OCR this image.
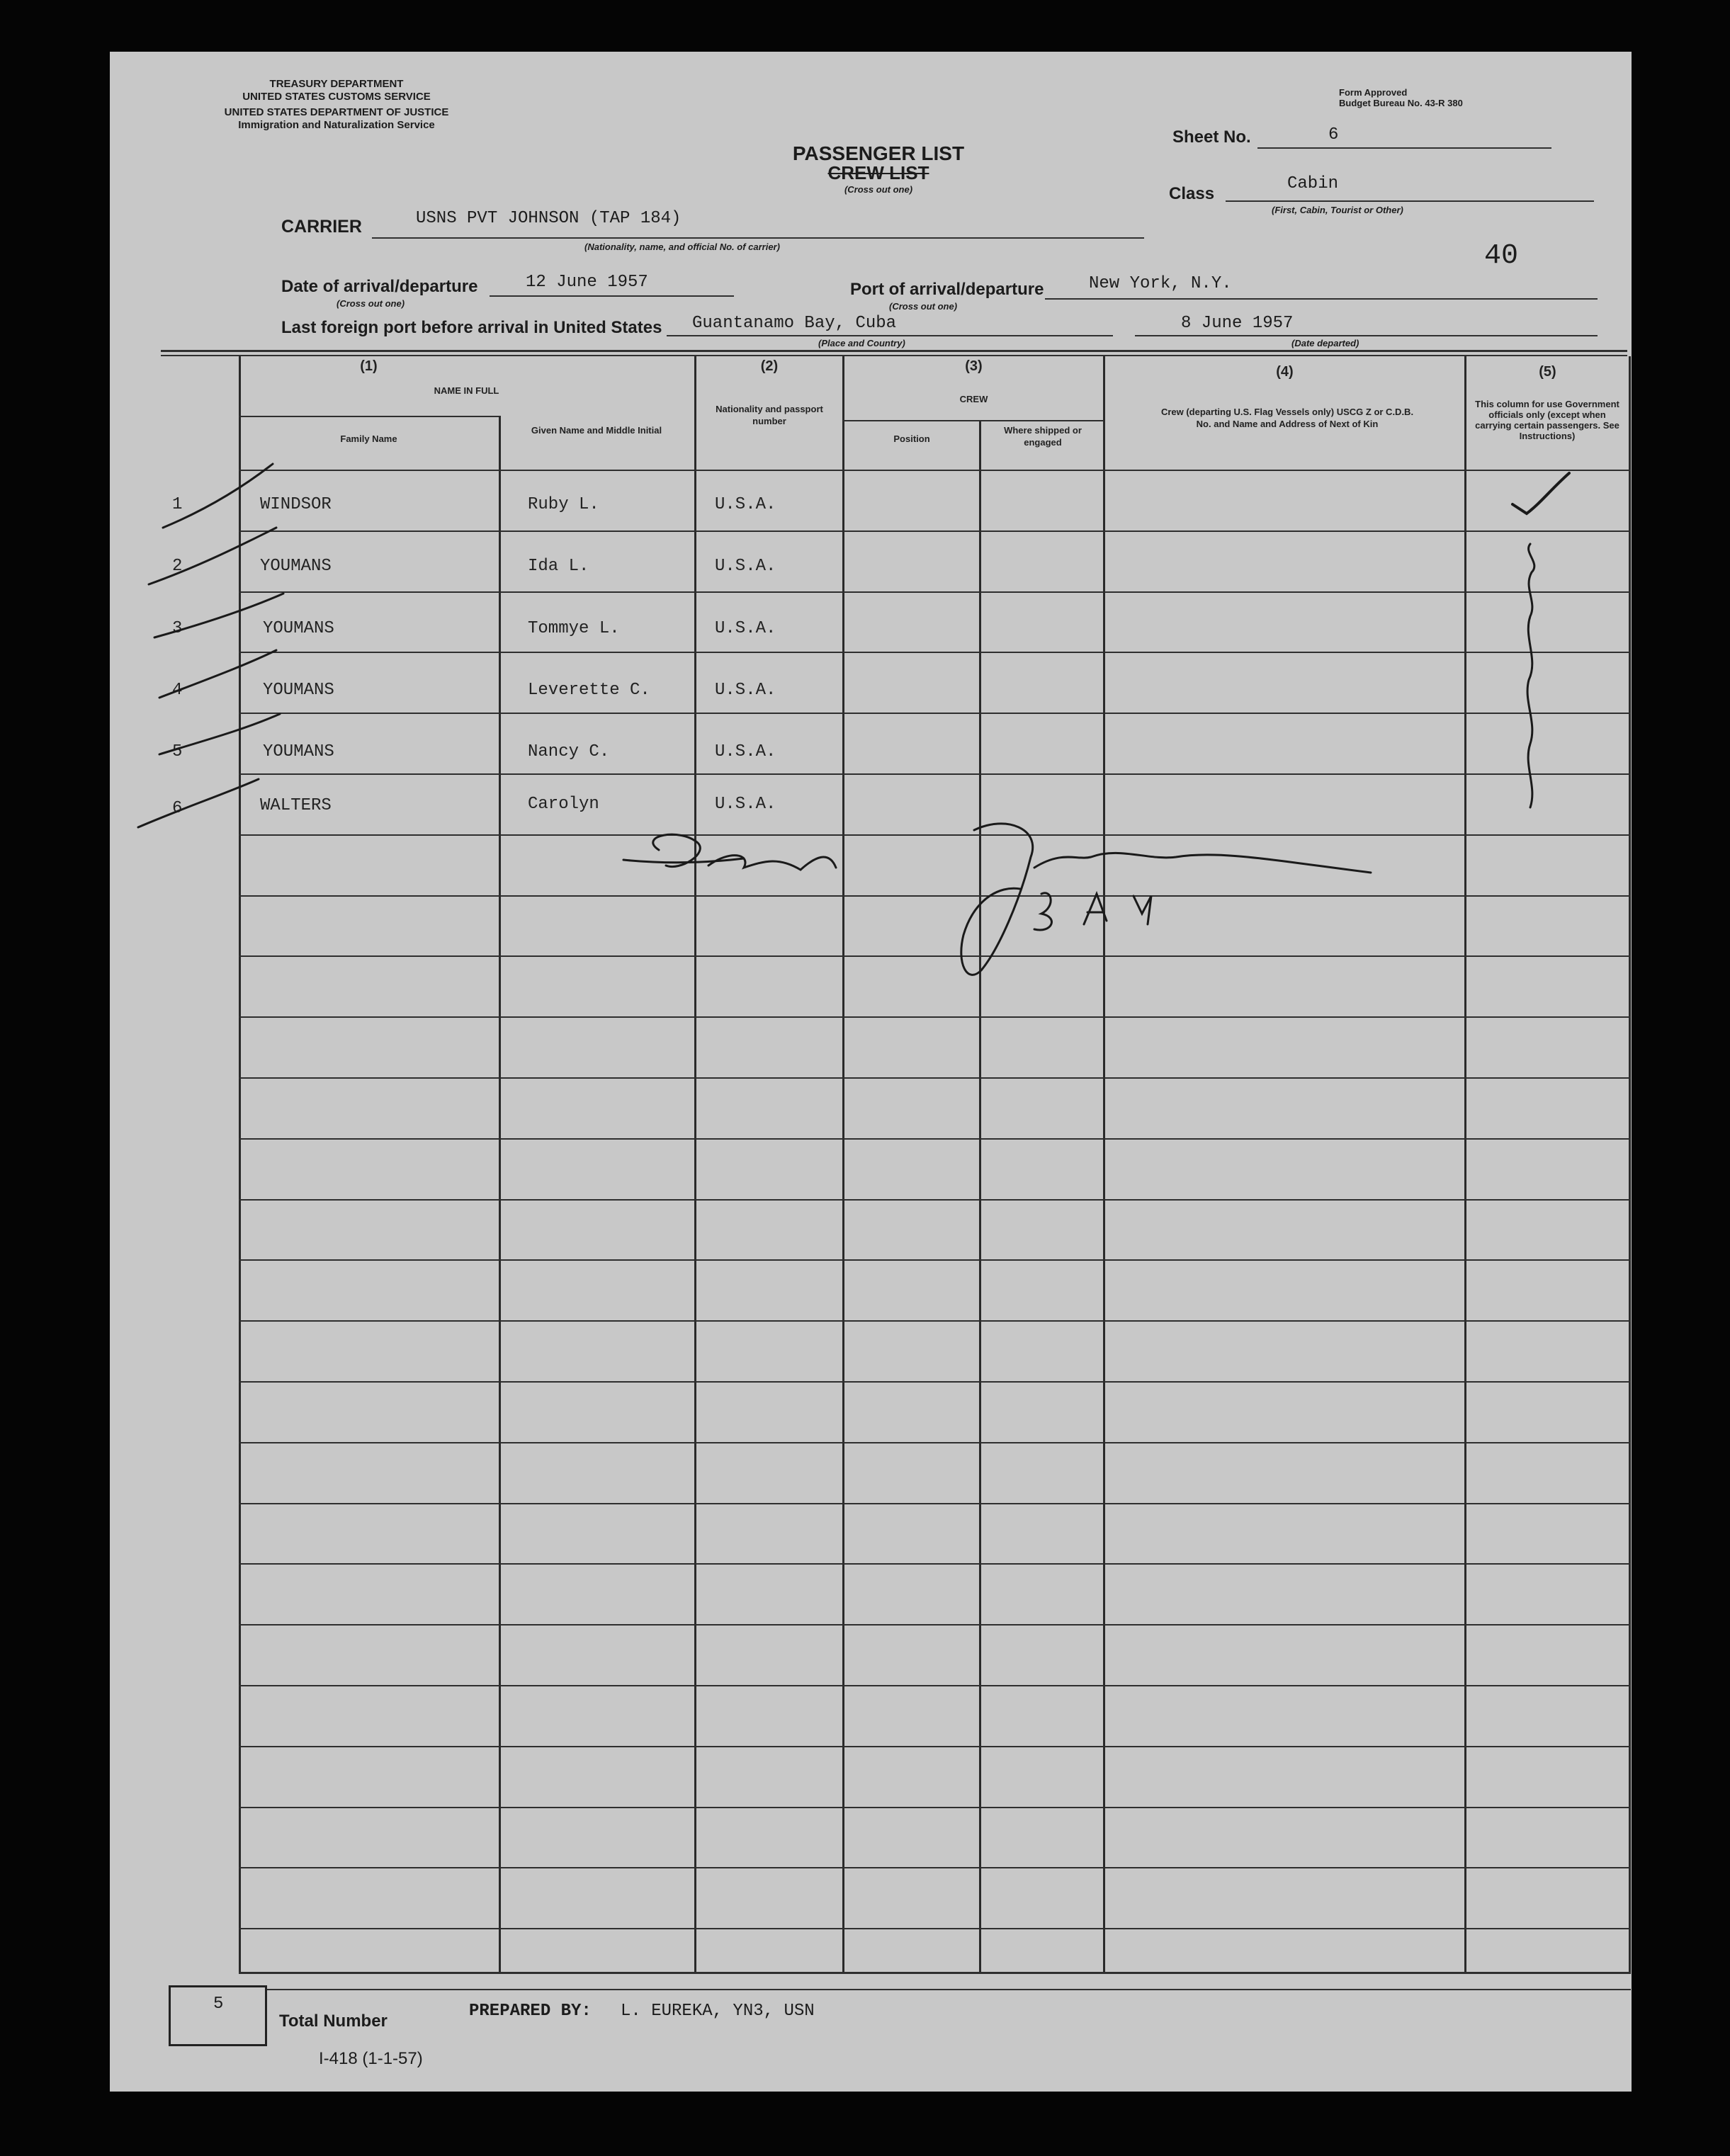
TREASURY DEPARTMENT
UNITED STATES CUSTOMS SERVICE
UNITED STATES DEPARTMENT OF JUSTICE
Immigration and Naturalization Service
Form Approved
Budget Bureau No. 43-R 380
PASSENGER LIST
CREW LIST
(Cross out one)
Sheet No.	6
Class
Cabin
(First, Cabin, Tourist or Other)
40
CARRIER	USNS PVT JOHNSON (TAP 184)
(Nationality, name, and official No. of carrier)
Date of arrival/departure	12 June 1957
(Cross out one)
Port of arrival/departure	New York, N.Y.
(Cross out one)
Last foreign port before arrival in United States Guantanamo Bay, Cuba
(Place and Country)
8 June 1957
(Date departed)
(1)
NAME IN FULL
Family Name
Given Name and Middle Initial
(2)
Nationality and passport number
(3)
CREW
Position
Where shipped or engaged
(4)
Crew (departing U.S. Flag Vessels only) USCG Z or C.D.B. No. and Name and Address of Next of Kin
(5)
This column for use Government officials only (except when carrying certain passengers. See Instructions)
WINDSOR	Ruby L.	U.S.A.
YOUMANS	Ida L.	U.S.A.
YOUMANS	Tommye L.	U.S.A.
YOUMANS	Leverette C.	U.S.A.
YOUMANS	Nancy C.	U.S.A.
WALTERS	Carolyn	U.S.A.
1
2
3
4
5
6
5
Total Number
PREPARED BY: L. EUREKA, YN3, USN
I-418 (1-1-57)
